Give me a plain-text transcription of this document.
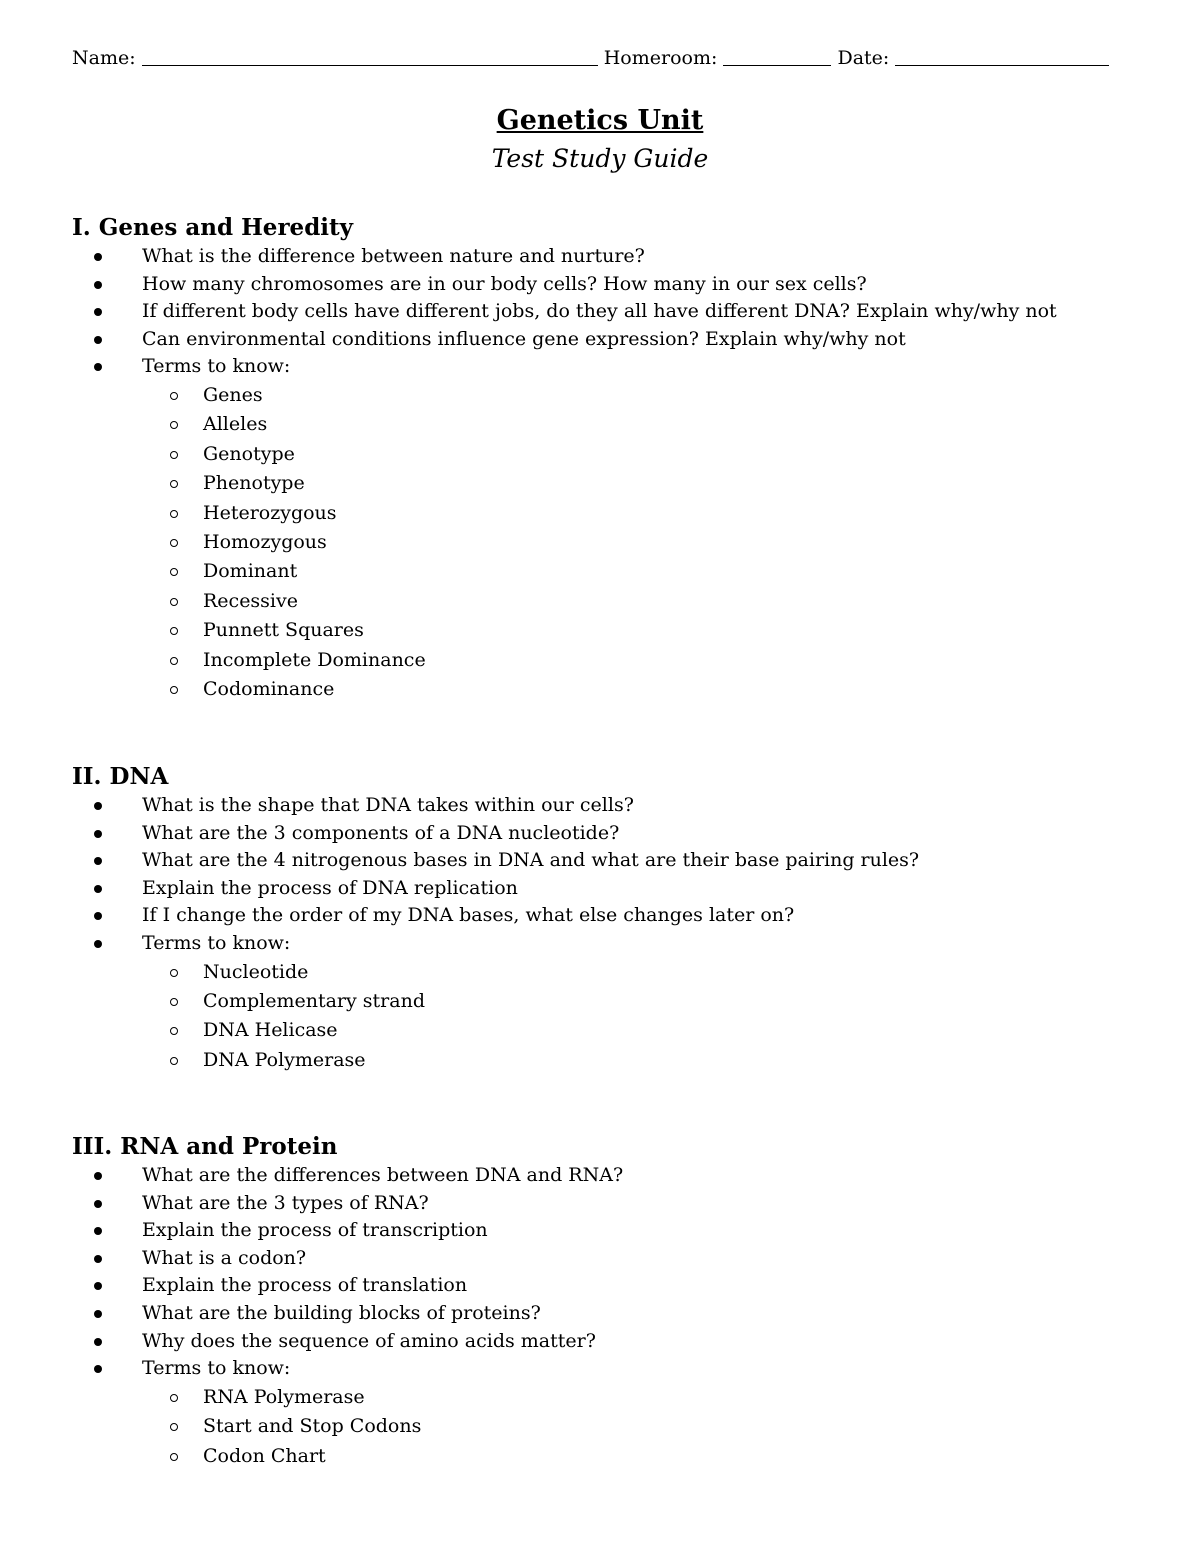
Name:	Homeroom:	Date:
Genetics Unit
Test Study Guide
I. Genes and Heredity
What is the difference between nature and nurture?
How many chromosomes are in our body cells? How many in our sex cells?
If different body cells have different jobs, do they all have different DNA? Explain why/why not
Can environmental conditions influence gene expression? Explain why/why not
Terms to know:
Genes
Alleles
Genotype
Phenotype
Heterozygous
Homozygous
Dominant
Recessive
Punnett Squares
Incomplete Dominance
Codominance
II. DNA
What is the shape that DNA takes within our cells?
What are the 3 components of a DNA nucleotide?
What are the 4 nitrogenous bases in DNA and what are their base pairing rules?
Explain the process of DNA replication
If I change the order of my DNA bases, what else changes later on?
Terms to know:
Nucleotide
Complementary strand
DNA Helicase
DNA Polymerase
III. RNA and Protein
What are the differences between DNA and RNA?
What are the 3 types of RNA?
Explain the process of transcription
What is a codon?
Explain the process of translation
What are the building blocks of proteins?
Why does the sequence of amino acids matter?
Terms to know:
RNA Polymerase
Start and Stop Codons
Codon Chart
